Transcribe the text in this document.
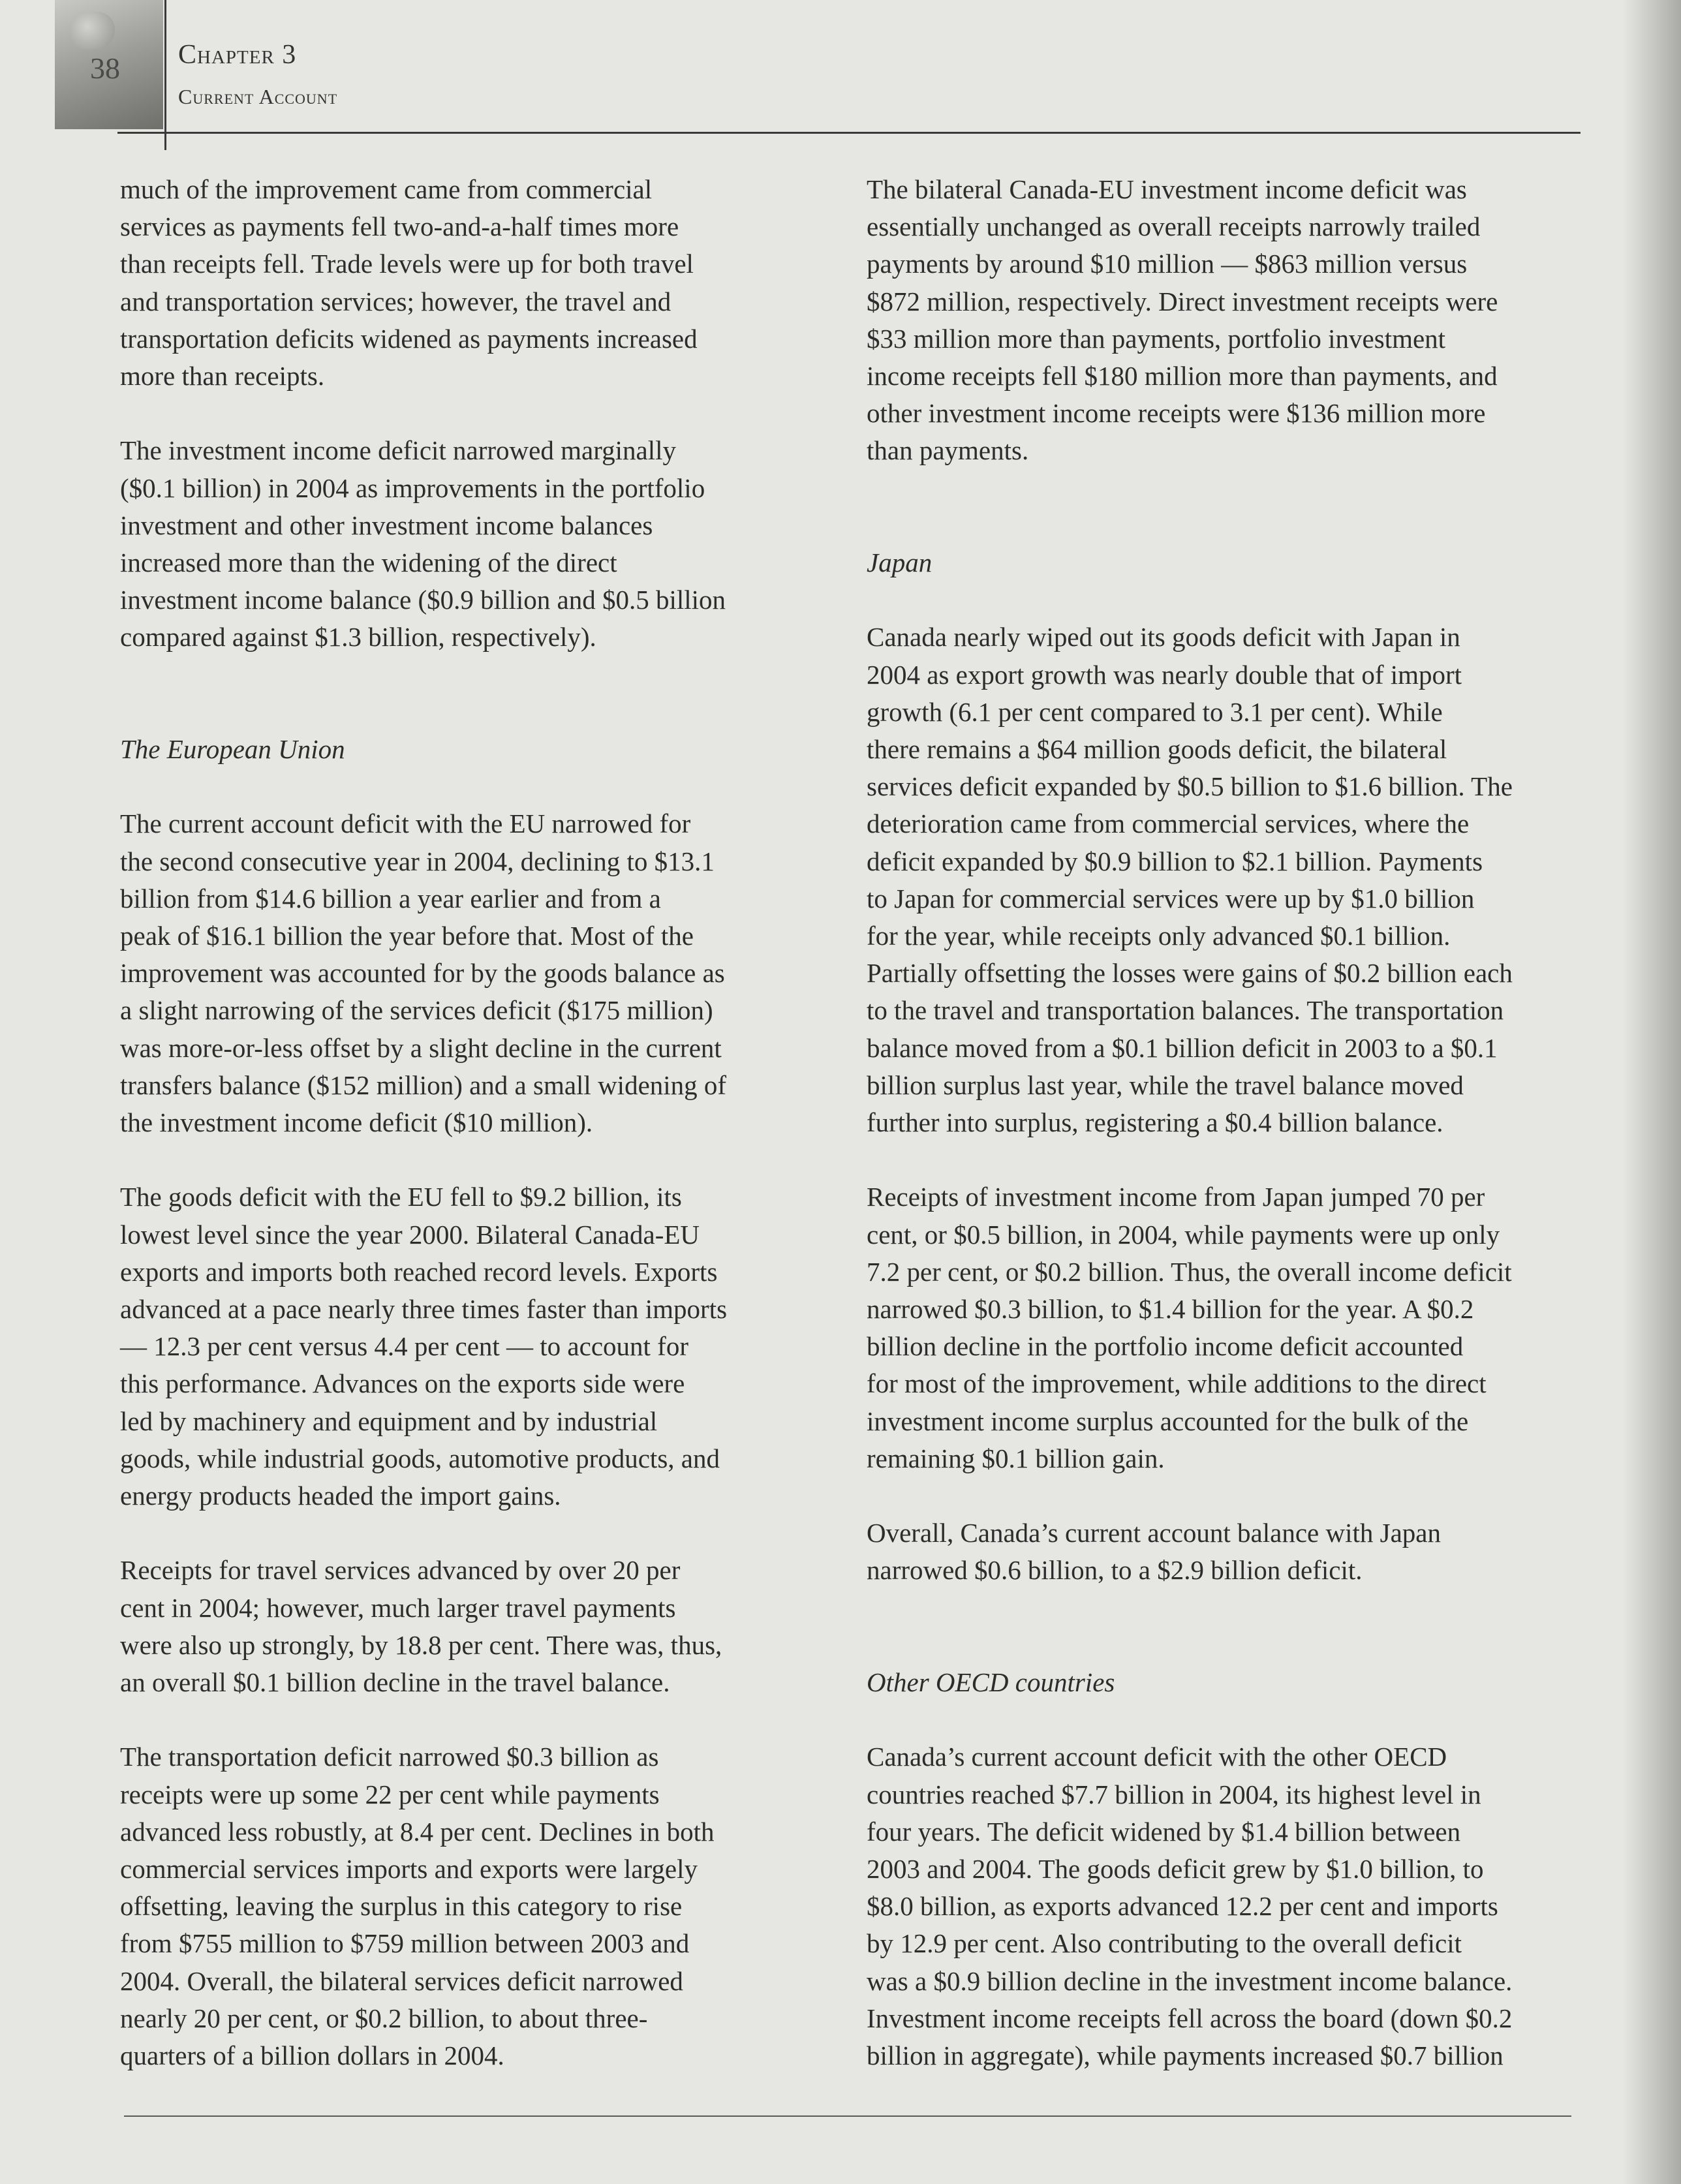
38 Chapter 3
Current Account

much of the improvement came from commercial

services as payments fell two-and-a-half times more

than receipts fell. Trade levels were up for both travel

and transportation services; however, the travel and

transportation deficits widened as payments increased

more than receipts.

The investment income deficit narrowed marginally

($0.1 billion) in 2004 as improvements in the portfolio

investment and other investment income balances

increased more than the widening of the direct

investment income balance ($0.9 billion and $0.5 billion

compared against $1.3 billion, respectively).

The European Union

The current account deficit with the EU narrowed for

the second consecutive year in 2004, declining to $13.1

billion from $14.6 billion a year earlier and from a

peak of $16.1 billion the year before that. Most of the

improvement was accounted for by the goods balance as

a slight narrowing of the services deficit ($175 million)

was more-or-less offset by a slight decline in the current

transfers balance ($152 million) and a small widening of

the investment income deficit ($10 million).

The goods deficit with the EU fell to $9.2 billion, its

lowest level since the year 2000. Bilateral Canada-EU

exports and imports both reached record levels. Exports

advanced at a pace nearly three times faster than imports

— 12.3 per cent versus 4.4 per cent — to account for

this performance. Advances on the exports side were

led by machinery and equipment and by industrial

goods, while industrial goods, automotive products, and

energy products headed the import gains.

Receipts for travel services advanced by over 20 per

cent in 2004; however, much larger travel payments

were also up strongly, by 18.8 per cent. There was, thus,

an overall $0.1 billion decline in the travel balance.

The transportation deficit narrowed $0.3 billion as

receipts were up some 22 per cent while payments

advanced less robustly, at 8.4 per cent. Declines in both

commercial services imports and exports were largely

offsetting, leaving the surplus in this category to rise

from $755 million to $759 million between 2003 and

2004. Overall, the bilateral services deficit narrowed

nearly 20 per cent, or $0.2 billion, to about three-

quarters of a billion dollars in 2004.

The bilateral Canada-EU investment income deficit was

essentially unchanged as overall receipts narrowly trailed

payments by around $10 million — $863 million versus

$872 million, respectively. Direct investment receipts were

$33 million more than payments, portfolio investment

income receipts fell $180 million more than payments, and

other investment income receipts were $136 million more

than payments.

Japan

Canada nearly wiped out its goods deficit with Japan in

2004 as export growth was nearly double that of import

growth (6.1 per cent compared to 3.1 per cent). While

there remains a $64 million goods deficit, the bilateral

services deficit expanded by $0.5 billion to $1.6 billion. The

deterioration came from commercial services, where the

deficit expanded by $0.9 billion to $2.1 billion. Payments

to Japan for commercial services were up by $1.0 billion

for the year, while receipts only advanced $0.1 billion.

Partially offsetting the losses were gains of $0.2 billion each

to the travel and transportation balances. The transportation

balance moved from a $0.1 billion deficit in 2003 to a $0.1

billion surplus last year, while the travel balance moved

further into surplus, registering a $0.4 billion balance.

Receipts of investment income from Japan jumped 70 per

cent, or $0.5 billion, in 2004, while payments were up only

7.2 per cent, or $0.2 billion. Thus, the overall income deficit

narrowed $0.3 billion, to $1.4 billion for the year. A $0.2

billion decline in the portfolio income deficit accounted

for most of the improvement, while additions to the direct

investment income surplus accounted for the bulk of the

remaining $0.1 billion gain.

Overall, Canada’s current account balance with Japan

narrowed $0.6 billion, to a $2.9 billion deficit.

Other OECD countries

Canada’s current account deficit with the other OECD

countries reached $7.7 billion in 2004, its highest level in

four years. The deficit widened by $1.4 billion between

2003 and 2004. The goods deficit grew by $1.0 billion, to

$8.0 billion, as exports advanced 12.2 per cent and imports

by 12.9 per cent. Also contributing to the overall deficit

was a $0.9 billion decline in the investment income balance.

Investment income receipts fell across the board (down $0.2

billion in aggregate), while payments increased $0.7 billion
